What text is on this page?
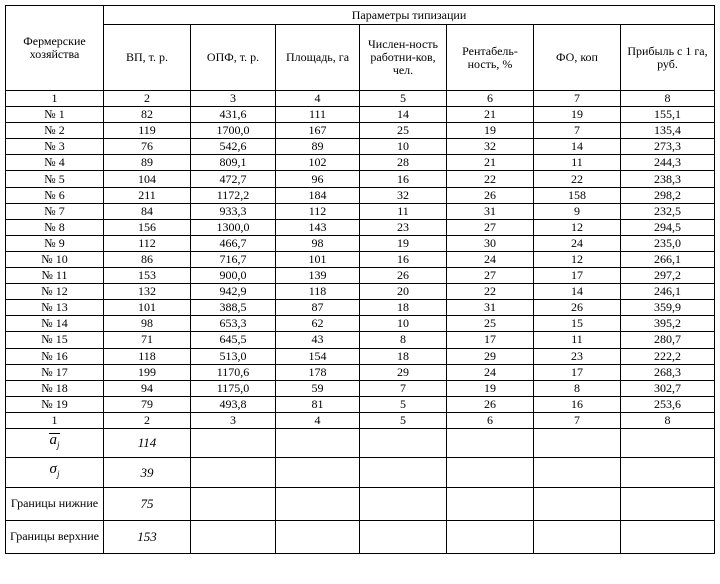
Фермерские хозяйства	Параметры типизации						
	ВП, т. р.	ОПФ, т. р.	Площадь, га	Числен-ность работни-ков, чел.	Рентабель-ность, %	ФО, коп	Прибыль с 1 га, руб.
1	2	3	4	5	6	7	8
№ 1	82	431,6	111	14	21	19	155,1
№ 2	119	1700,0	167	25	19	7	135,4
№ 3	76	542,6	89	10	32	14	273,3
№ 4	89	809,1	102	28	21	11	244,3
№ 5	104	472,7	96	16	22	22	238,3
№ 6	211	1172,2	184	32	26	158	298,2
№ 7	84	933,3	112	11	31	9	232,5
№ 8	156	1300,0	143	23	27	12	294,5
№ 9	112	466,7	98	19	30	24	235,0
№ 10	86	716,7	101	16	24	12	266,1
№ 11	153	900,0	139	26	27	17	297,2
№ 12	132	942,9	118	20	22	14	246,1
№ 13	101	388,5	87	18	31	26	359,9
№ 14	98	653,3	62	10	25	15	395,2
№ 15	71	645,5	43	8	17	11	280,7
№ 16	118	513,0	154	18	29	23	222,2
№ 17	199	1170,6	178	29	24	17	268,3
№ 18	94	1175,0	59	7	19	8	302,7
№ 19	79	493,8	81	5	26	16	253,6
1	2	3	4	5	6	7	8

$a_j$	114						
$\sigma_j$	39						
Границы нижние	75						
Границы верхние	153						
